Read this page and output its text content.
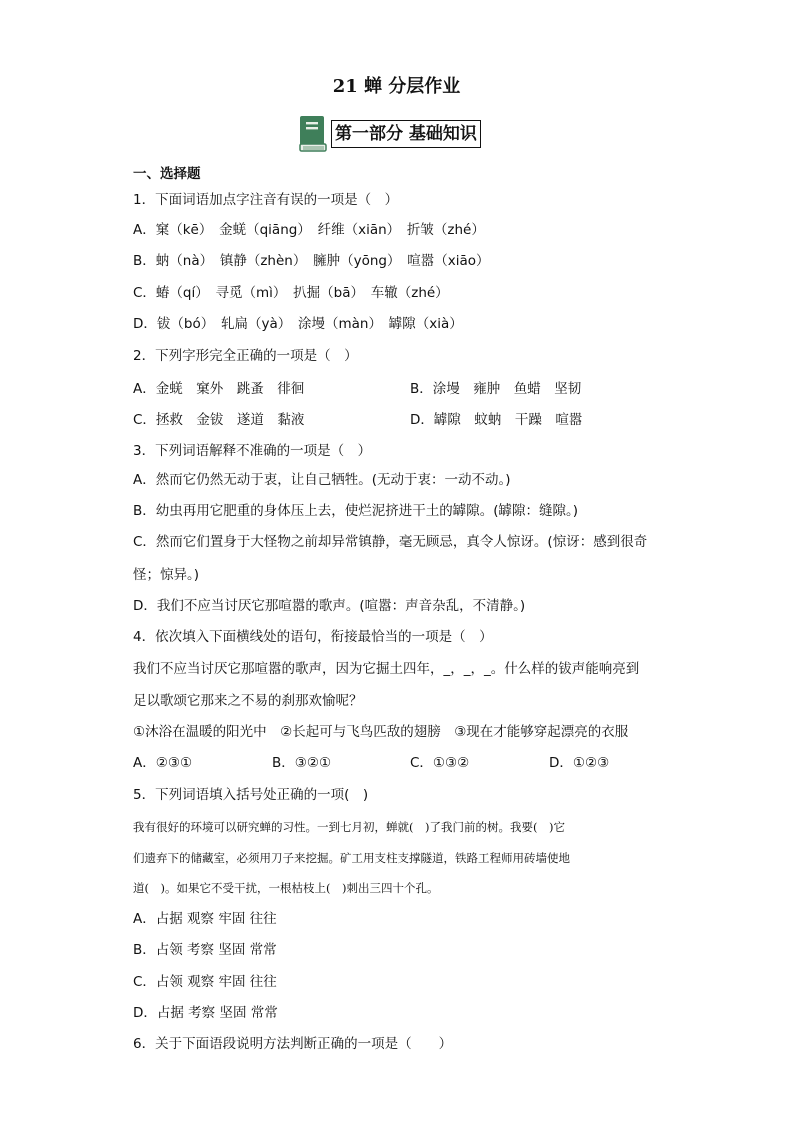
21 蝉 分层作业
第一部分 基础知识
一、选择题
1．下面词语加点字注音有误的一项是（　）
A．窠（kē）　金蜣（qiāng）　纤维（xiān）　折皱（zhé）
B．蚋（nà）　镇静（zhèn）　臃肿（yōng）　喧嚣（xiāo）
C．蝽（qí）　寻觅（mì）　扒掘（bā）　车辙（zhé）
D．钹（bó）　轧扁（yà）　涂墁（màn）　罅隙（xià）
2．下列字形完全正确的一项是（　）
A．金蜣　窠外　跳蚤　徘徊	B．涂墁　雍肿　鱼蜡　坚韧
C．拯救　金钹　遂道　黏液	D．罅隙　蚊蚋　干躁　喧嚣
3．下列词语解释不准确的一项是（　）
A．然而它仍然无动于衷，让自己牺牲。(无动于衷：一动不动。)
B．幼虫再用它肥重的身体压上去，使烂泥挤进干土的罅隙。(罅隙：缝隙。)
C．然而它们置身于大怪物之前却异常镇静，毫无顾忌，真令人惊讶。(惊讶：感到很奇
怪；惊异。)
D．我们不应当讨厌它那喧嚣的歌声。(喧嚣：声音杂乱，不清静。)
4．依次填入下面横线处的语句，衔接最恰当的一项是（　）
我们不应当讨厌它那喧嚣的歌声，因为它掘土四年，_，_，_。什么样的钹声能响亮到
足以歌颂它那来之不易的刹那欢愉呢？
①沐浴在温暖的阳光中　②长起可与飞鸟匹敌的翅膀　③现在才能够穿起漂亮的衣服
A．②③①	B．③②①	C．①③②	D．①②③
5．下列词语填入括号处正确的一项(　)
我有很好的环境可以研究蝉的习性。一到七月初，蝉就(　)了我门前的树。我要(　)它
们遗弃下的储藏室，必须用刀子来挖掘。矿工用支柱支撑隧道，铁路工程师用砖墙使地
道(　)。如果它不受干扰，一根枯枝上(　)刺出三四十个孔。
A．占据 观察 牢固 往往
B．占领 考察 坚固 常常
C．占领 观察 牢固 往往
D．占据 考察 坚固 常常
6．关于下面语段说明方法判断正确的一项是（　　）
